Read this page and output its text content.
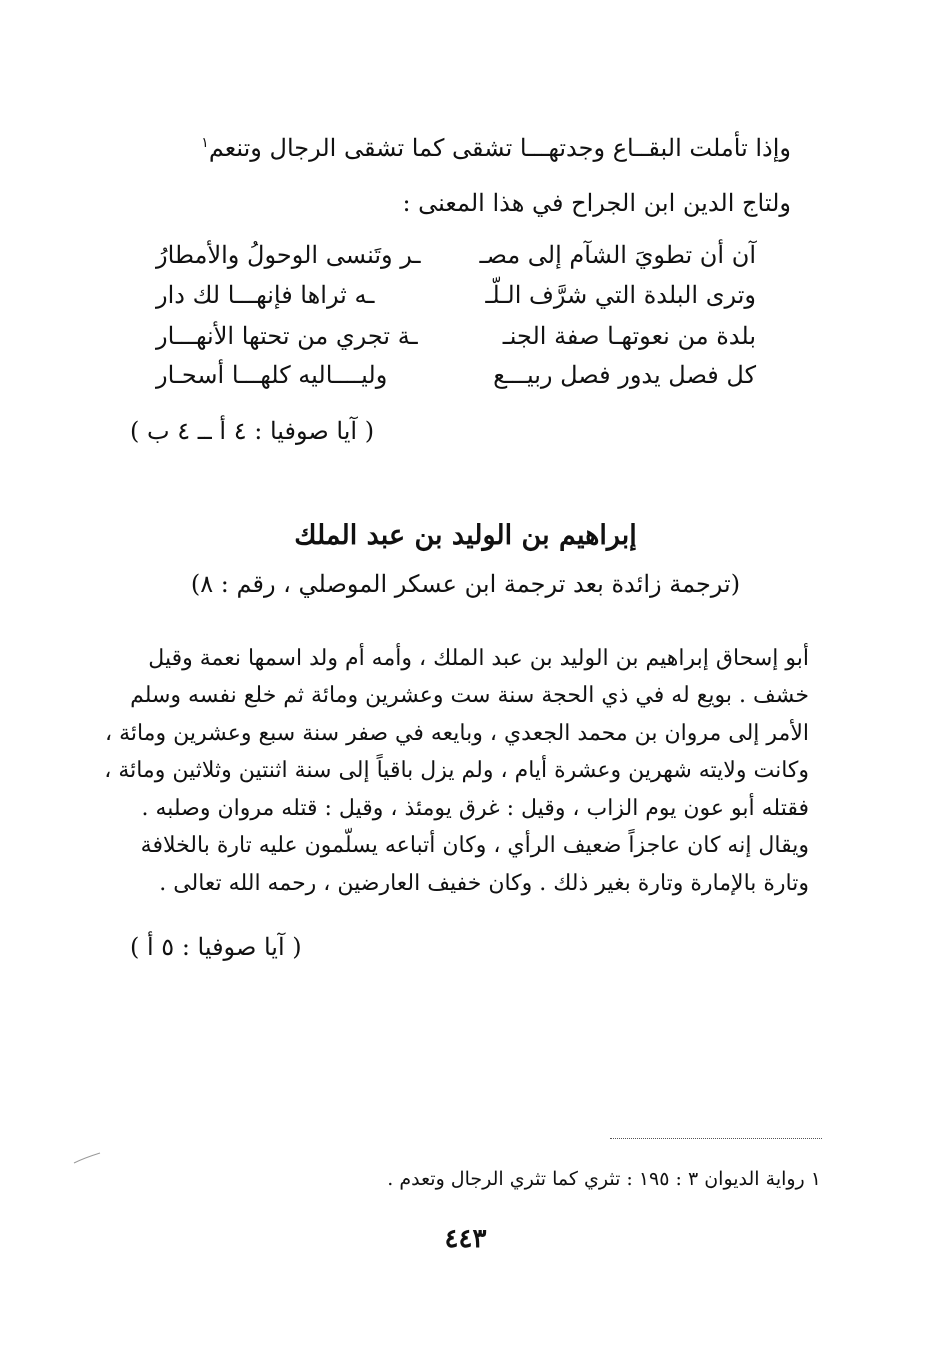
وإذا تأملت البقــاع وجدتهـــا تشقى كما تشقى الرجال وتنعم$^١$

ولتاج الدين ابن الجراح في هذا المعنى :

آن أن تطويَ الشآم إلى مصـ
ـر وتَنسى الوحولُ والأمطارُ
وترى البلدة التي شرَّف الـلّـ
ـه ثراها فإنهـــا لك دار
بلدة من نعوتهـا صفة الجنـ
ـة تجري من تحتها الأنهـــار
كل فصل يدور فصل ربيـــع
وليــــاليه كلهـــا أسحـار

( آيا صوفيا : ٤ أ ــ ٤ ب )

إبراهيم بن الوليد بن عبد الملك
(ترجمة زائدة بعد ترجمة ابن عسكر الموصلي ، رقم : ٨)

أبو إسحاق إبراهيم بن الوليد بن عبد الملك ، وأمه أم ولد اسمها نعمة وقيل

خشف . بويع له في ذي الحجة سنة ست وعشرين ومائة ثم خلع نفسه وسلم

الأمر إلى مروان بن محمد الجعدي ، وبايعه في صفر سنة سبع وعشرين ومائة ،

وكانت ولايته شهرين وعشرة أيام ، ولم يزل باقياً إلى سنة اثنتين وثلاثين ومائة ،

فقتله أبو عون يوم الزاب ، وقيل : غرق يومئذ ، وقيل : قتله مروان وصلبه .

ويقال إنه كان عاجزاً ضعيف الرأي ، وكان أتباعه يسلّمون عليه تارة بالخلافة

وتارة بالإمارة وتارة بغير ذلك . وكان خفيف العارضين ، رحمه الله تعالى .

( آيا صوفيا : ٥ أ )

١ رواية الديوان ٣ : ١٩٥ : تثري كما تثري الرجال وتعدم .
٤٤٣
